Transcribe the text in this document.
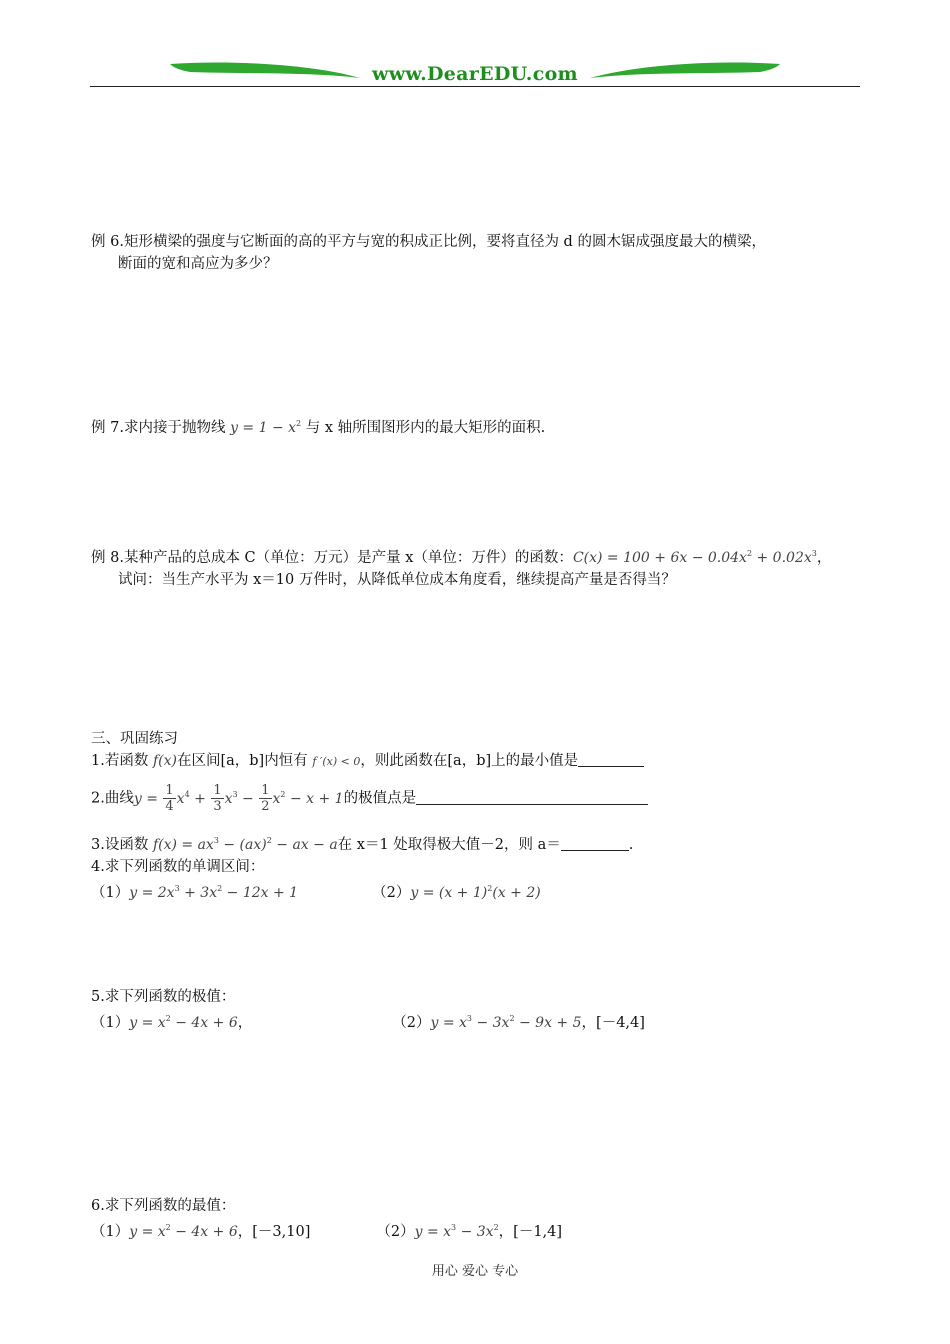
www.DearEDU.com
例 6.矩形横梁的强度与它断面的高的平方与宽的积成正比例，要将直径为 d 的圆木锯成强度最大的横梁，
断面的宽和高应为多少？
例 7.求内接于抛物线 $y = 1 - x^2$ 与 x 轴所围图形内的最大矩形的面积.
例 8.某种产品的总成本 C（单位：万元）是产量 x（单位：万件）的函数：$C(x) = 100 + 6x - 0.04x^2 + 0.02x^3$，
试问：当生产水平为 x＝10 万件时，从降低单位成本角度看，继续提高产量是否得当？
三、巩固练习
1.若函数 f(x)在区间[a，b]内恒有 f ′(x) < 0，则此函数在[a，b]上的最小值是
2.曲线$y = \frac{1}{4} x^4 + \frac{1}{3} x^3 - \frac{1}{2} x^2 - x + 1$的极值点是
3.设函数 $f(x) = ax^3 - (ax)^2$ − ax − a在 x＝1 处取得极大值－2，则 a＝	.
4.求下列函数的单调区间：
$(1)y = 2x^3 + 3x^2 - 12x + 1$	$(2)y = (x + 1)^2(x + 2)$
5.求下列函数的极值：
$(1)y = x^2 - 4x + 6$，	$(2)y = x^3 - 3x^2 - 9x + 5$，[－4,4]
6.求下列函数的最值：
$(1)y = x^2 - 4x + 6$，[－3,10]	$(2)y = x^3 - 3x^2$，[－1,4]
用心 爱心 专心
